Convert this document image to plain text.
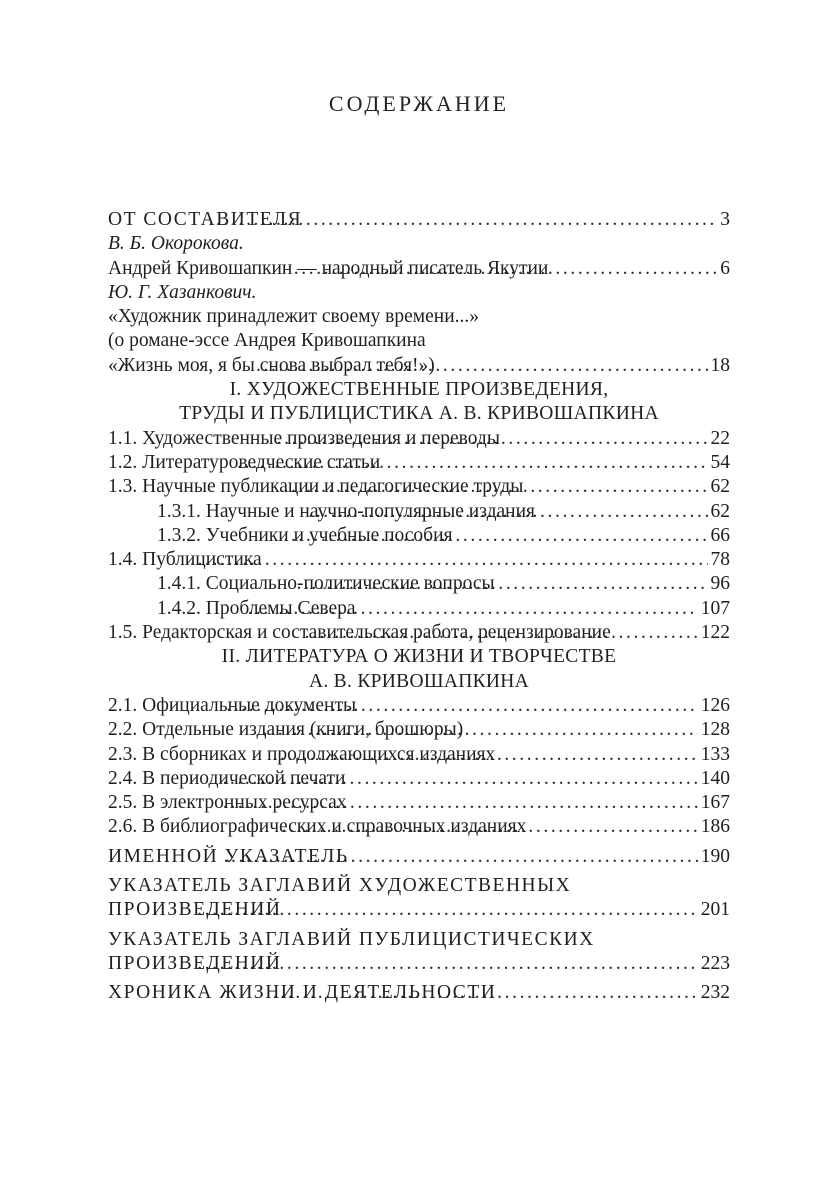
СОДЕРЖАНИЕ
ОТ СОСТАВИТЕЛЯ .....	3
В. Б. Окорокова.
Андрей Кривошапкин — народный писатель Якутии .....	6
Ю. Г. Хазанкович.
«Художник принадлежит своему времени...»
(о романе-эссе Андрея Кривошапкина
«Жизнь моя, я бы снова выбрал тебя!») .....	18
I. ХУДОЖЕСТВЕННЫЕ ПРОИЗВЕДЕНИЯ,
ТРУДЫ И ПУБЛИЦИСТИКА А. В. КРИВОШАПКИНА
1.1. Художественные произведения и переводы .....	22
1.2. Литературоведческие статьи .....	54
1.3. Научные публикации и педагогические труды .....	62
1.3.1. Научные и научно-популярные издания .....	62
1.3.2. Учебники и учебные пособия .....	66
1.4. Публицистика .....	78
1.4.1. Социально-политические вопросы .....	96
1.4.2. Проблемы Севера .....	107
1.5. Редакторская и составительская работа, рецензирование .....	122
II. ЛИТЕРАТУРА О ЖИЗНИ И ТВОРЧЕСТВЕ
А. В. КРИВОШАПКИНА
2.1. Официальные документы .....	126
2.2. Отдельные издания (книги, брошюры) .....	128
2.3. В сборниках и продолжающихся изданиях .....	133
2.4. В периодической печати .....	140
2.5. В электронных ресурсах .....	167
2.6. В библиографических и справочных изданиях .....	186
ИМЕННОЙ УКАЗАТЕЛЬ .....	190
УКАЗАТЕЛЬ ЗАГЛАВИЙ ХУДОЖЕСТВЕННЫХ
ПРОИЗВЕДЕНИЙ .....	201
УКАЗАТЕЛЬ ЗАГЛАВИЙ ПУБЛИЦИСТИЧЕСКИХ
ПРОИЗВЕДЕНИЙ .....	223
ХРОНИКА ЖИЗНИ И ДЕЯТЕЛЬНОСТИ .....	232
